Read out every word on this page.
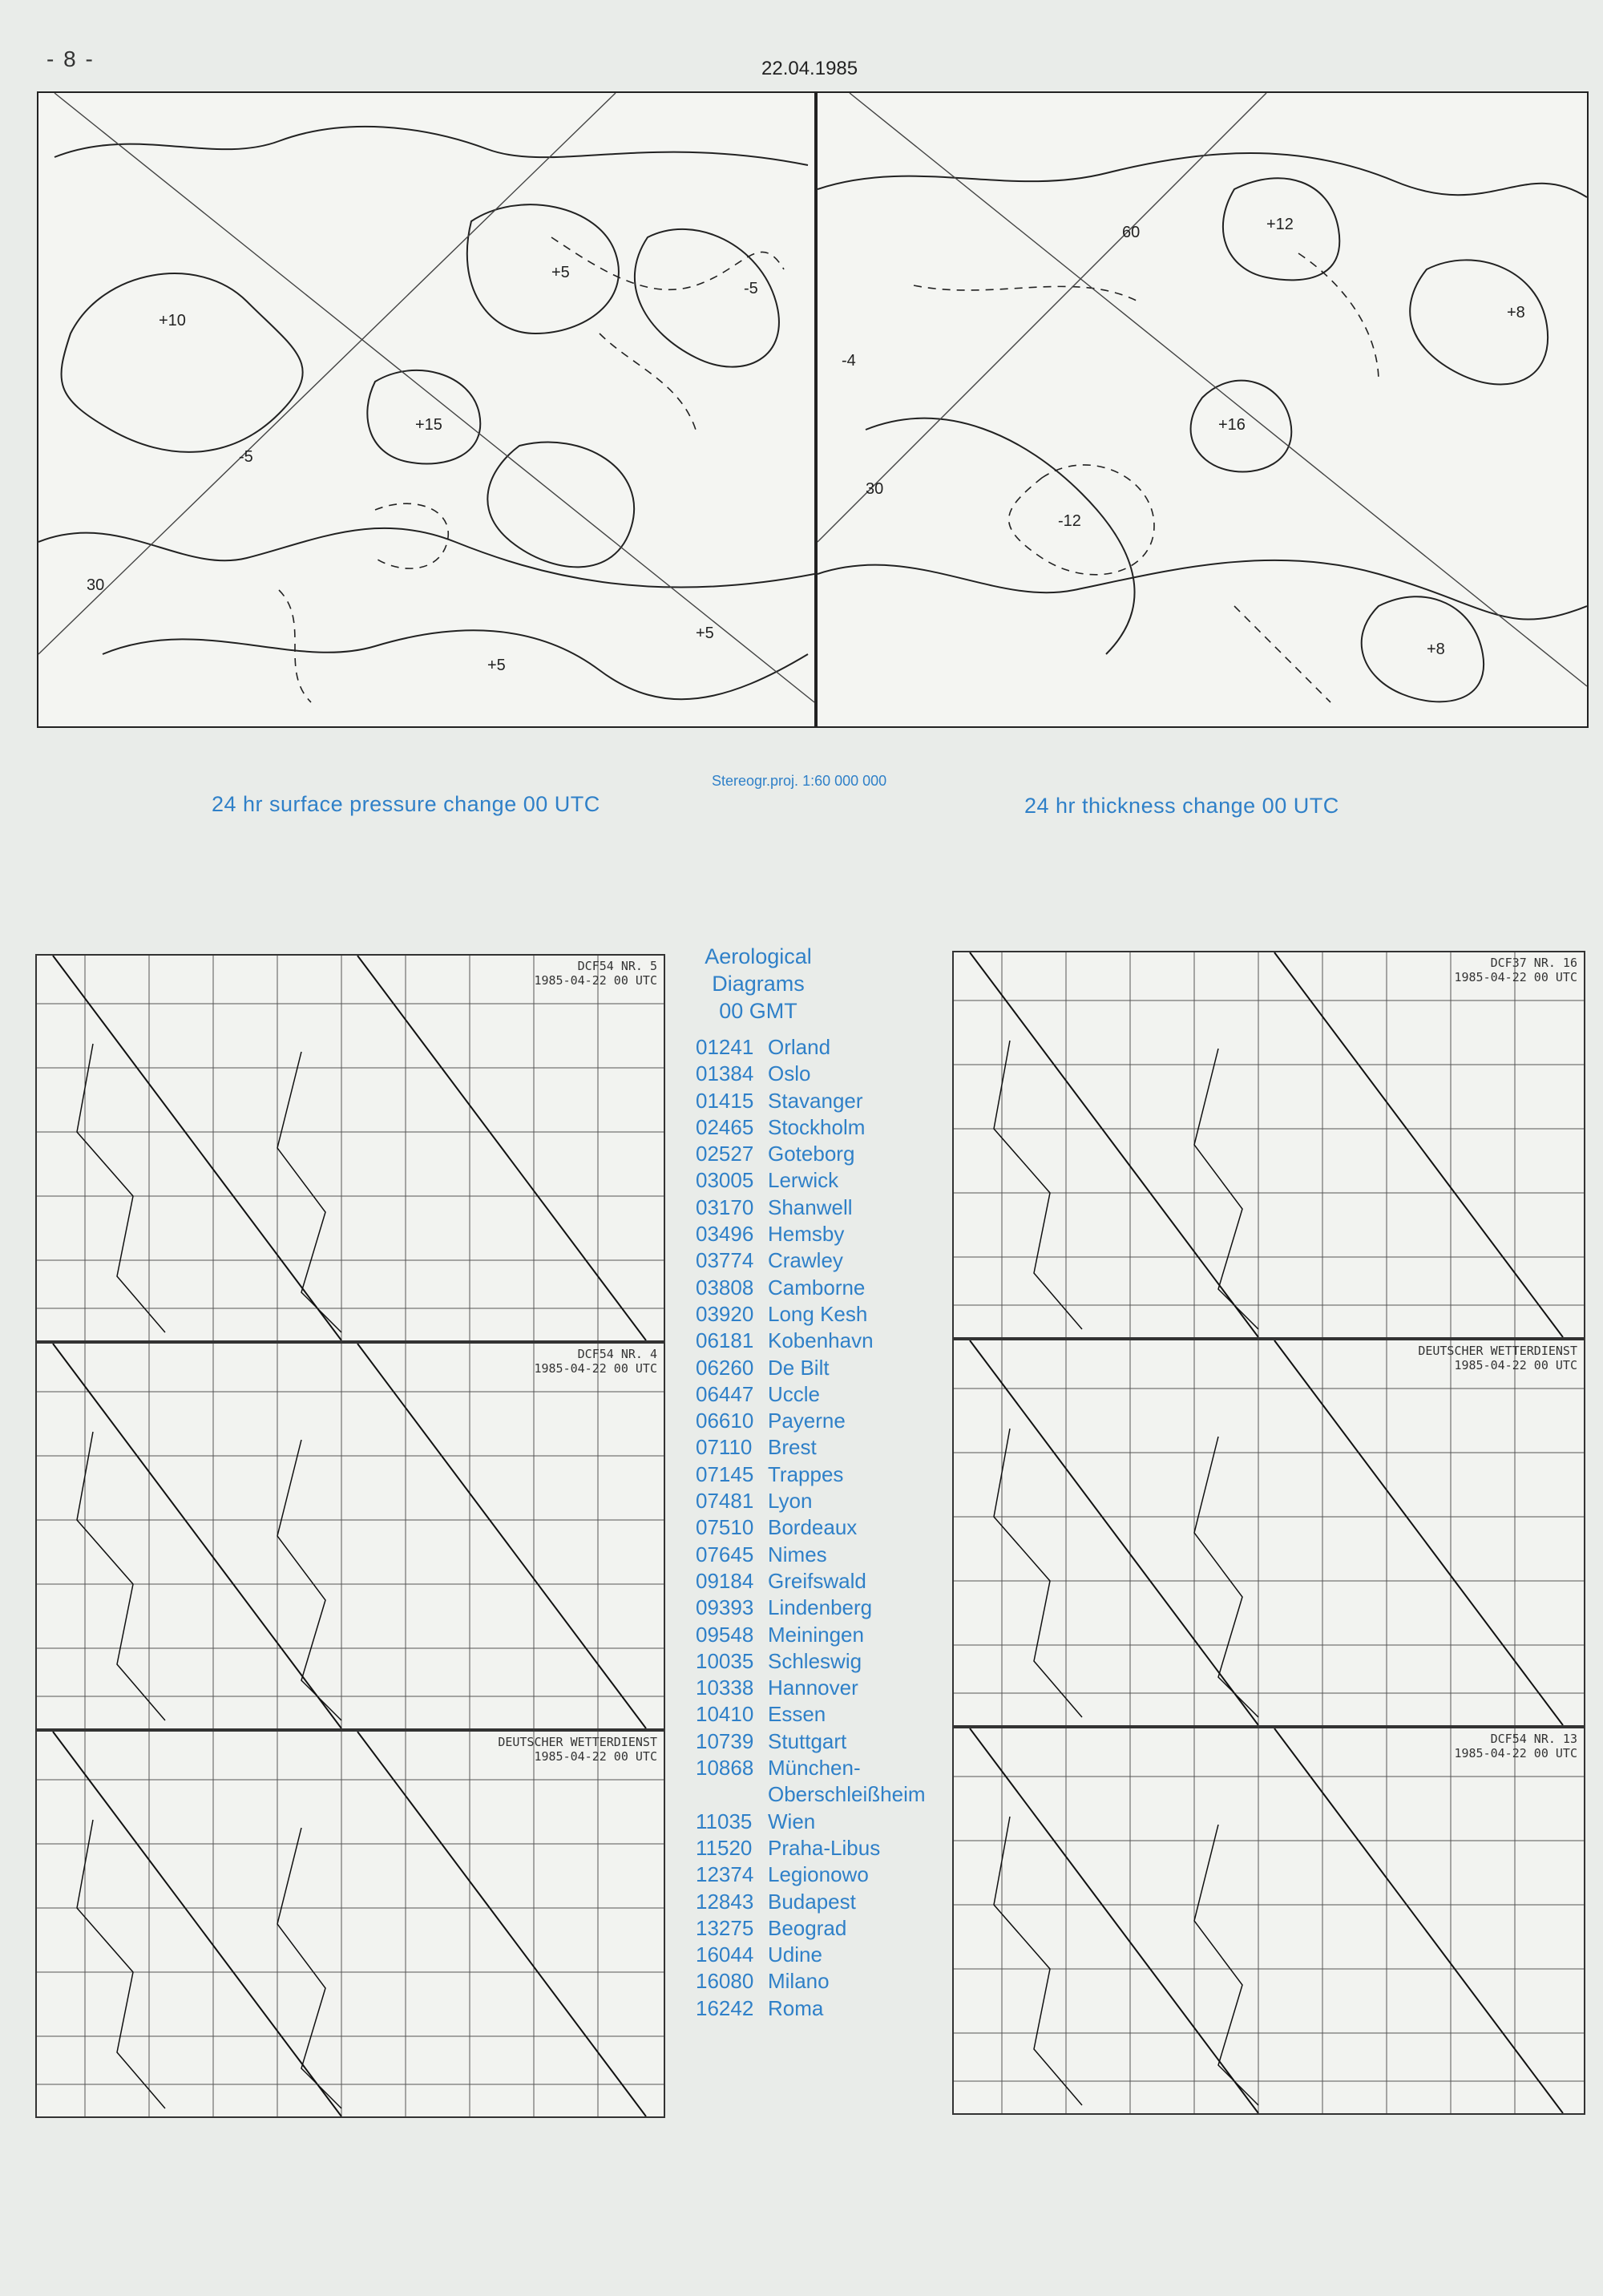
- 8 -	22.04.1985
+10
+5
-5
+15
-5
30
+5
+5
+12
+16
-12
+8
30
60
+8
-4
24 hr surface pressure change 00 UTC
Stereogr.proj. 1:60 000 000
24 hr thickness change 00 UTC
DCF54 NR. 5
1985-04-22 00 UTC
DCF37 NR. 16
1985-04-22 00 UTC
DCF54 NR. 4
1985-04-22 00 UTC
DEUTSCHER WETTERDIENST
1985-04-22 00 UTC
DEUTSCHER WETTERDIENST
1985-04-22 00 UTC
DCF54 NR. 13
1985-04-22 00 UTC
Aerological
Diagrams
00 GMT
01241 Orland
01384 Oslo
01415 Stavanger
02465 Stockholm
02527 Goteborg
03005 Lerwick
03170 Shanwell
03496 Hemsby
03774 Crawley
03808 Camborne
03920 Long Kesh
06181 Kobenhavn
06260 De Bilt
06447 Uccle
06610 Payerne
07110 Brest
07145 Trappes
07481 Lyon
07510 Bordeaux
07645 Nimes
09184 Greifswald
09393 Lindenberg
09548 Meiningen
10035 Schleswig
10338 Hannover
10410 Essen
10739 Stuttgart
10868 München-
Oberschleißheim
11035 Wien
11520 Praha-Libus
12374 Legionowo
12843 Budapest
13275 Beograd
16044 Udine
16080 Milano
16242 Roma
